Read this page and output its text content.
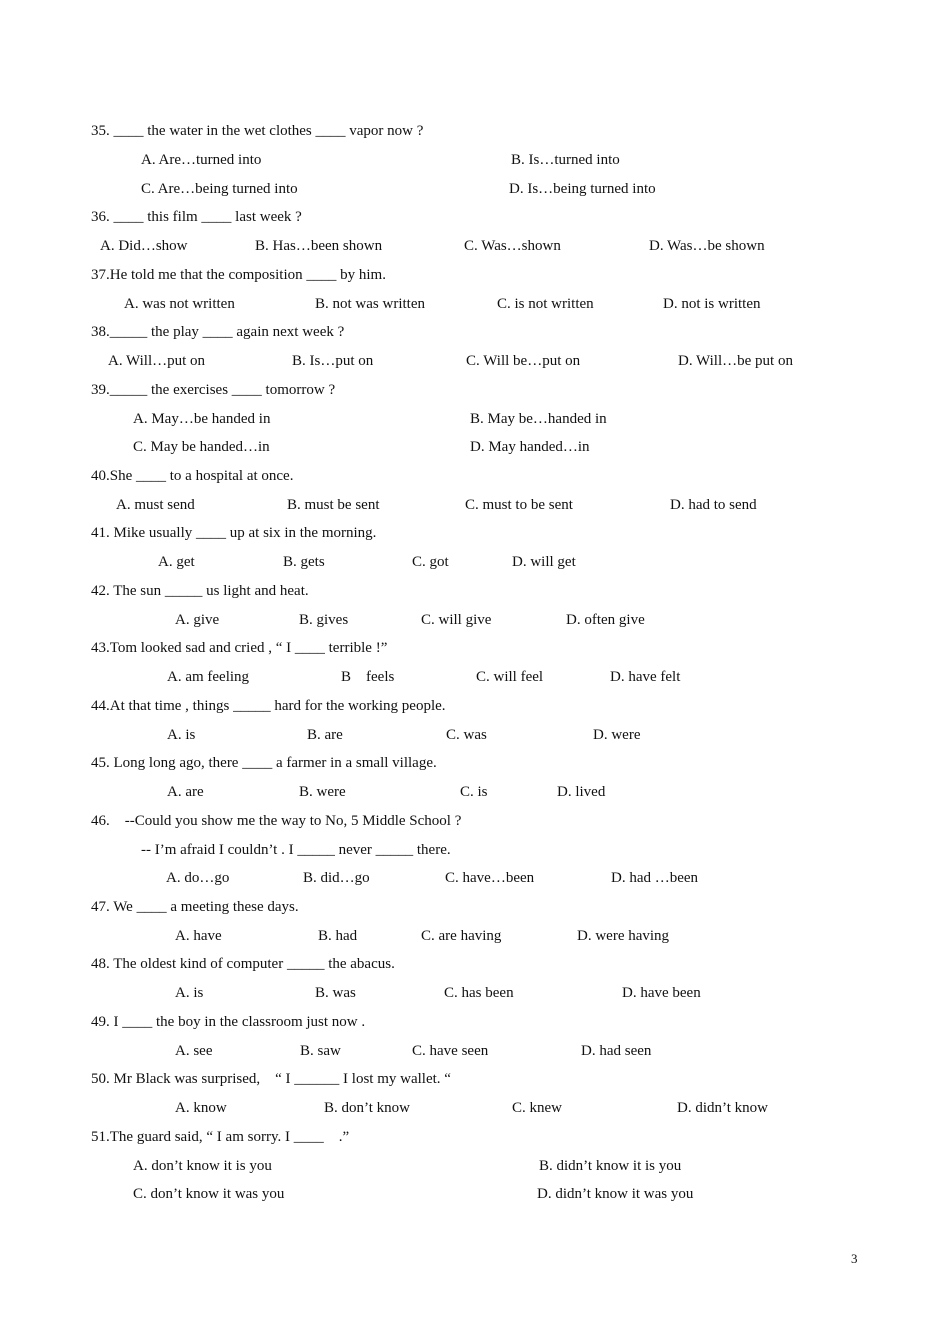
35. ____ the water in the wet clothes ____ vapor now ?
A. Are…turned into	B. Is…turned into
C. Are…being turned into	D. Is…being turned into
36. ____ this film ____ last week ?
A. Did…show	B. Has…been shown	C. Was…shown	D. Was…be shown
37.He told me that the composition ____ by him.
A. was not written	B. not was written	C. is not written	D. not is written
38._____ the play ____ again next week ?
A. Will…put on	B. Is…put on	C. Will be…put on	D. Will…be put on
39._____ the exercises ____ tomorrow ?
A. May…be handed in	B. May be…handed in
C. May be handed…in	D. May handed…in
40.She ____ to a hospital at once.
A. must send	B. must be sent	C. must to be sent	D. had to send
41. Mike usually ____ up at six in the morning.
A. get	B. gets	C. got	D. will get
42. The sun _____ us light and heat.
A. give	B. gives	C. will give	D. often give
43.Tom looked sad and cried , “ I ____ terrible !”
A. am feeling	B    feels	C. will feel	D. have felt
44.At that time , things _____ hard for the working people.
A. is	B. are	C. was	D. were
45. Long long ago, there ____ a farmer in a small village.
A. are	B. were	C. is	D. lived
46.    --Could you show me the way to No, 5 Middle School ?
-- I’m afraid I couldn’t . I _____ never _____ there.
A. do…go	B. did…go	C. have…been	D. had …been
47. We ____ a meeting these days.
A. have	B. had	C. are having	D. were having
48. The oldest kind of computer _____ the abacus.
A. is	B. was	C. has been	D. have been
49. I ____ the boy in the classroom just now .
A. see	B. saw	C. have seen	D. had seen
50. Mr Black was surprised,    “ I ______ I lost my wallet. “
A. know	B. don’t know	C. knew	D. didn’t know
51.The guard said, “ I am sorry. I ____    .”
A. don’t know it is you	B. didn’t know it is you
C. don’t know it was you	D. didn’t know it was you
3
